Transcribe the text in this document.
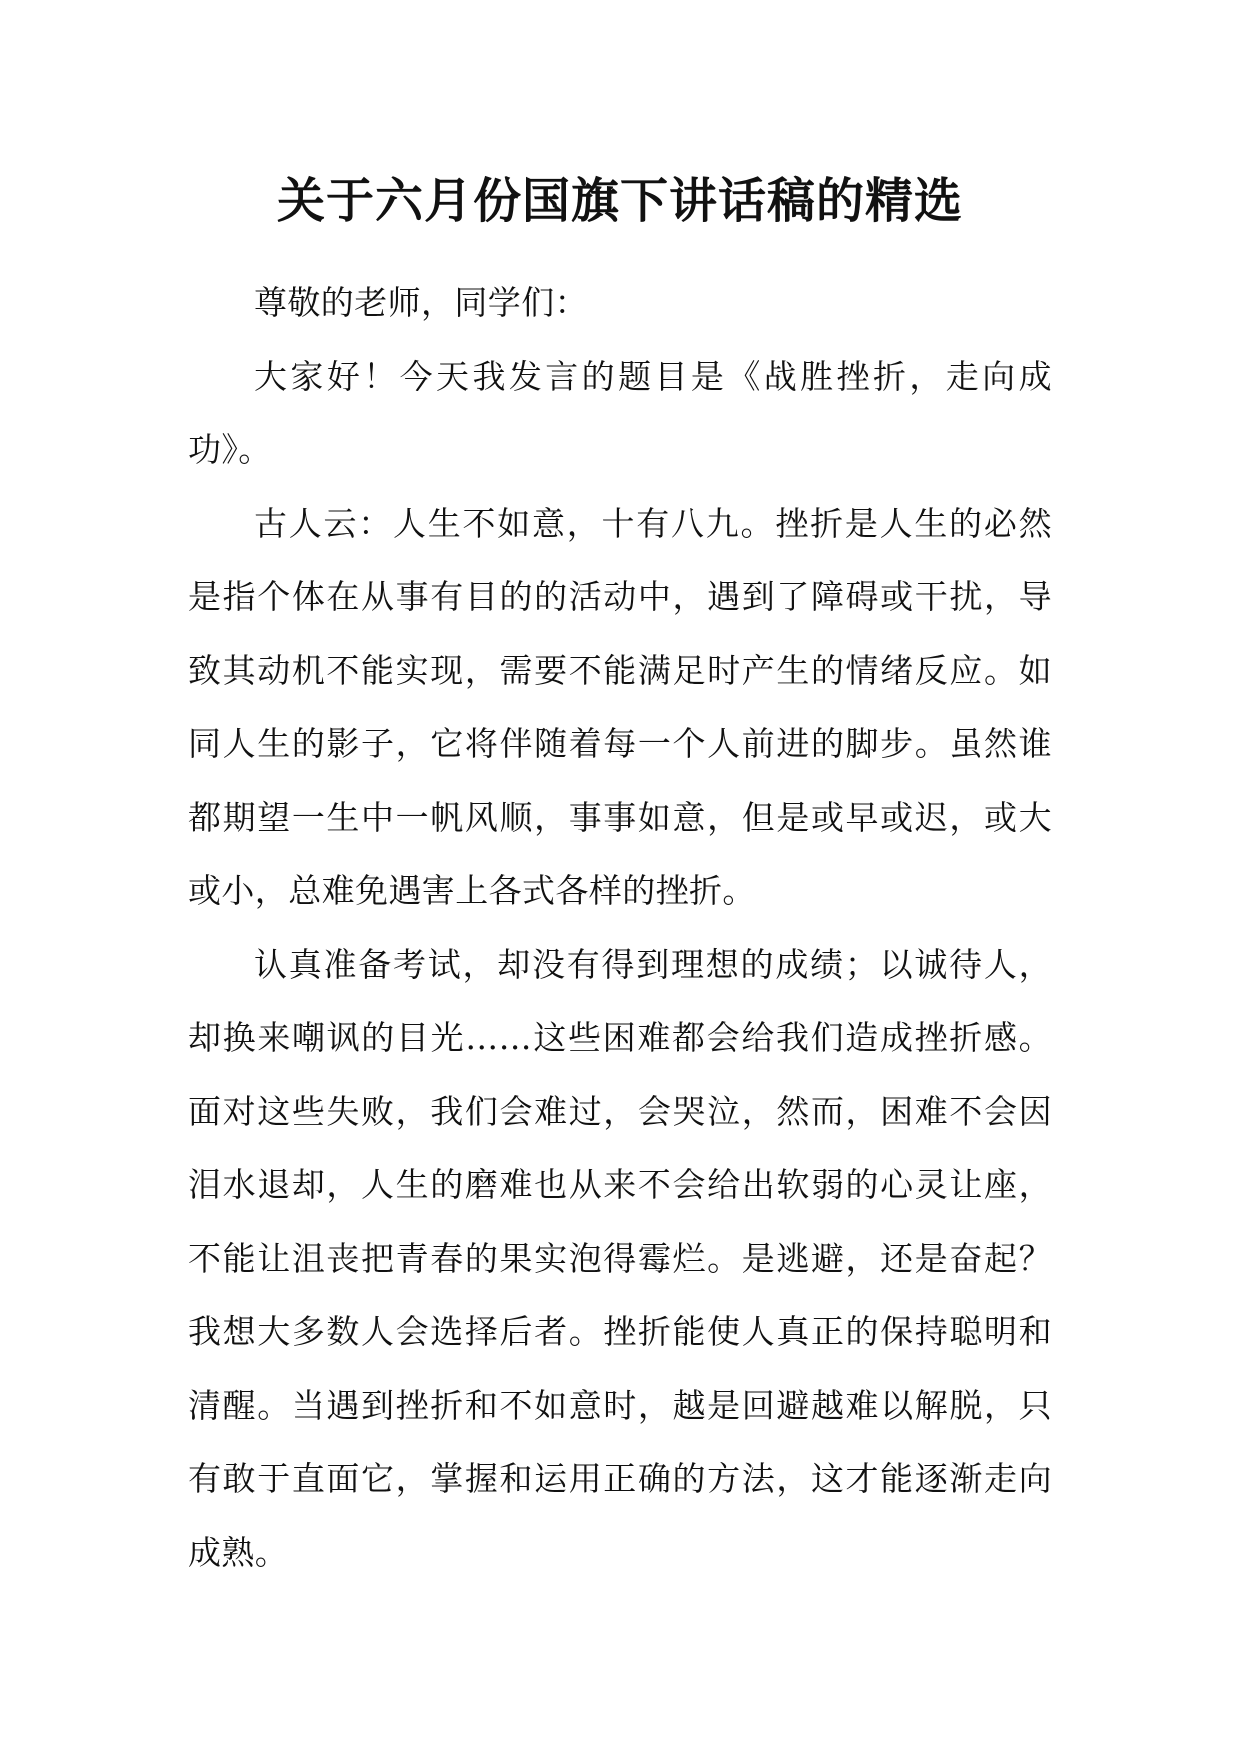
关于六月份国旗下讲话稿的精选

尊敬的老师，同学们：

大家好！今天我发言的题目是《战胜挫折，走向成功》。

古人云：人生不如意，十有八九。挫折是人生的必然是指个体在从事有目的的活动中，遇到了障碍或干扰，导致其动机不能实现，需要不能满足时产生的情绪反应。如同人生的影子，它将伴随着每一个人前进的脚步。虽然谁都期望一生中一帆风顺，事事如意，但是或早或迟，或大或小，总难免遇害上各式各样的挫折。

认真准备考试，却没有得到理想的成绩；以诚待人，却换来嘲讽的目光……这些困难都会给我们造成挫折感。面对这些失败，我们会难过，会哭泣，然而，困难不会因泪水退却，人生的磨难也从来不会给出软弱的心灵让座，不能让沮丧把青春的果实泡得霉烂。是逃避，还是奋起？我想大多数人会选择后者。挫折能使人真正的保持聪明和清醒。当遇到挫折和不如意时，越是回避越难以解脱，只有敢于直面它，掌握和运用正确的方法，这才能逐渐走向成熟。
